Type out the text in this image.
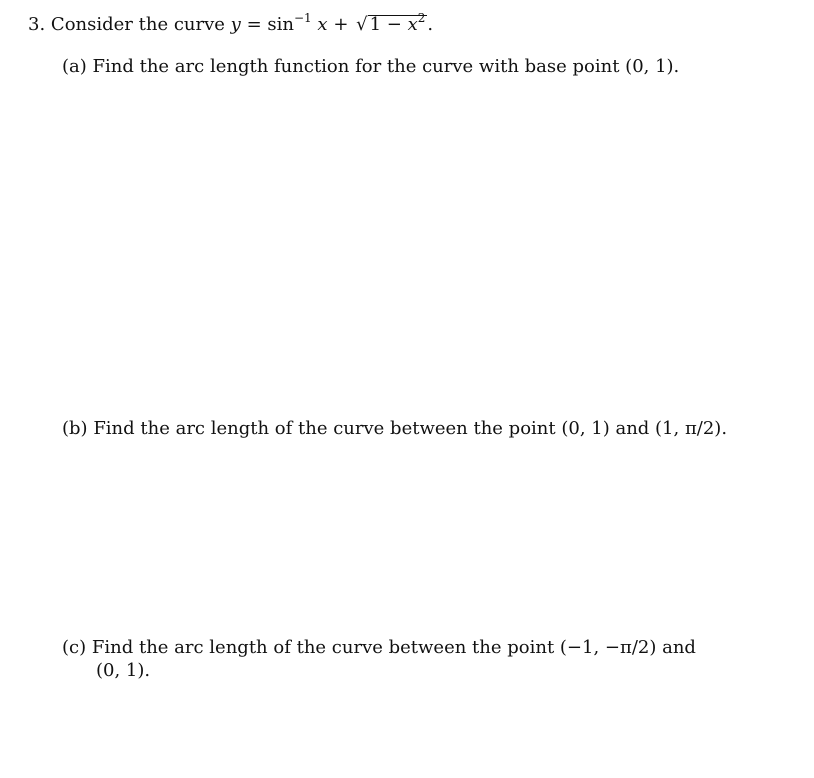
3. Consider the curve $y = \sin^{-1} x$ + √ $1 - x^2$ .
(a) Find the arc length function for the curve with base point (0, 1).
(b) Find the arc length of the curve between the point (0, 1) and (1, π/2).
(c) Find the arc length of the curve between the point (−1, −π/2) and
(0, 1).
